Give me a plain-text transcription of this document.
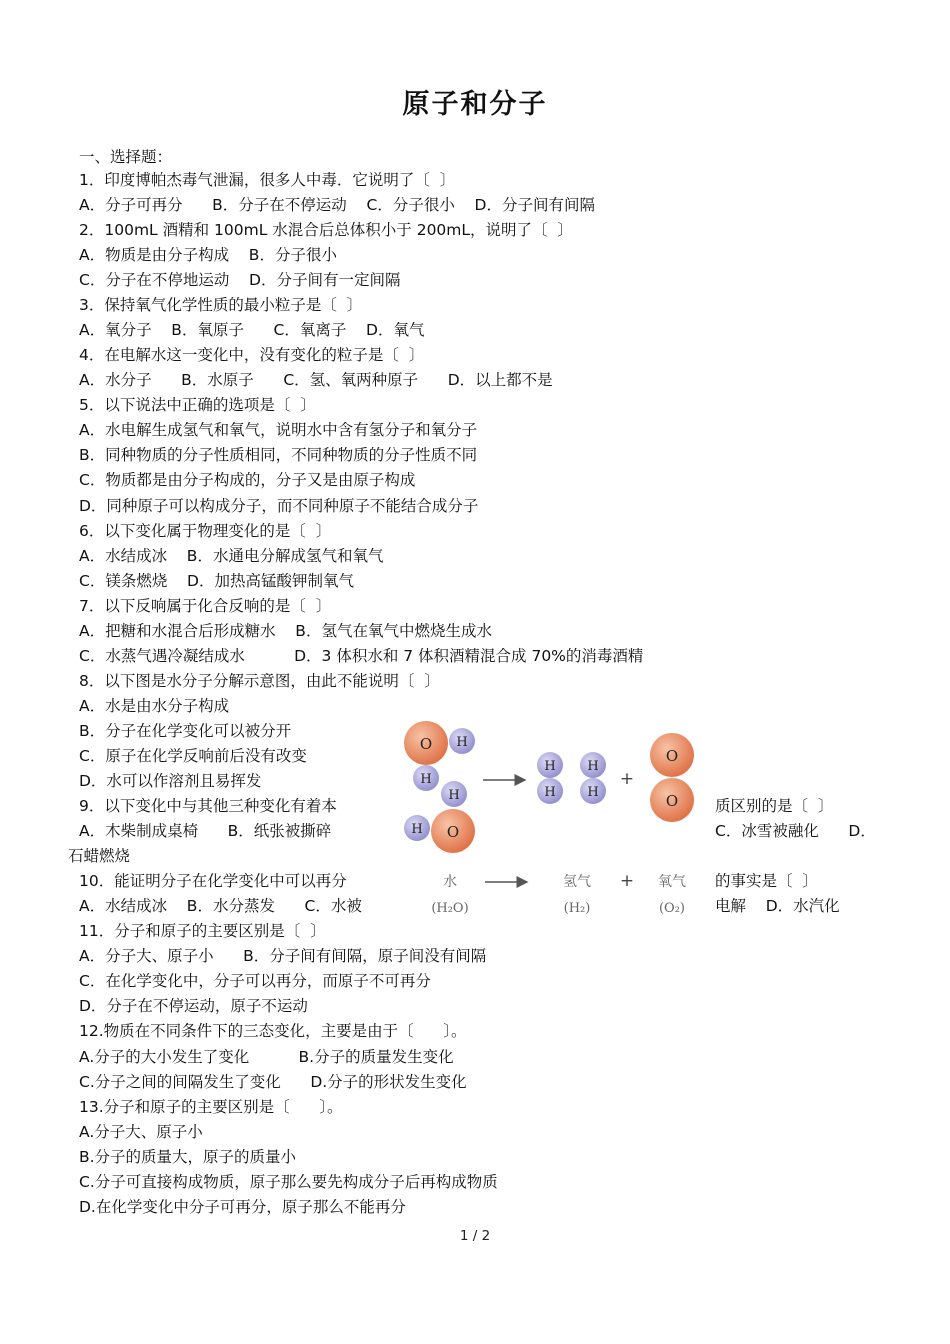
原子和分子
一、选择题：
1．印度博帕杰毒气泄漏，很多人中毒．它说明了〔  〕
A．分子可再分      B．分子在不停运动    C．分子很小    D．分子间有间隔
2．100mL 酒精和 100mL 水混合后总体积小于 200mL，说明了〔  〕
A．物质是由分子构成    B．分子很小
C．分子在不停地运动    D．分子间有一定间隔
3．保持氧气化学性质的最小粒子是〔  〕
A．氧分子    B．氧原子      C．氧离子    D．氧气
4．在电解水这一变化中，没有变化的粒子是〔  〕
A．水分子      B．水原子      C．氢、氧两种原子      D．以上都不是
5．以下说法中正确的选项是〔  〕
A．水电解生成氢气和氧气，说明水中含有氢分子和氧分子
B．同种物质的分子性质相同，不同种物质的分子性质不同
C．物质都是由分子构成的，分子又是由原子构成
D．同种原子可以构成分子，而不同种原子不能结合成分子
6．以下变化属于物理变化的是〔  〕
A．水结成冰    B．水通电分解成氢气和氧气
C．镁条燃烧    D．加热高锰酸钾制氧气
7．以下反响属于化合反响的是〔  〕
A．把糖和水混合后形成糖水    B．氢气在氧气中燃烧生成水
C．水蒸气遇冷凝结成水          D．3 体积水和 7 体积酒精混合成 70%的消毒酒精
8．以下图是水分子分解示意图，由此不能说明〔  〕
A．水是由水分子构成
B．分子在化学变化可以被分开
C．原子在化学反响前后没有改变
D．水可以作溶剂且易挥发
9．以下变化中与其他三种变化有着本	质区别的是〔  〕
A．木柴制成桌椅      B．纸张被撕碎	C．冰雪被融化      D．
石蜡燃烧
10．能证明分子在化学变化中可以再分	的事实是〔  〕
A．水结成冰    B．水分蒸发      C．水被	电解    D．水汽化
11．分子和原子的主要区别是〔  〕
A．分子大、原子小      B．分子间有间隔，原子间没有间隔
C．在化学变化中，分子可以再分，而原子不可再分
D．分子在不停运动，原子不运动
12.物质在不同条件下的三态变化，主要是由于〔      〕。
A.分子的大小发生了变化          B.分子的质量发生变化
C.分子之间的间隔发生了变化      D.分子的形状发生变化
13.分子和原子的主要区别是〔      〕。
A.分子大、原子小
B.分子的质量大，原子的质量小
C.分子可直接构成物质，原子那么要先构成分子后再构成物质
D.在化学变化中分子可再分，原子那么不能再分
O H
H
H
H O
H
H
H
H
+
O
O
水	氢气 + 氧气
(H₂O)	(H₂)	(O₂)
1 / 2
